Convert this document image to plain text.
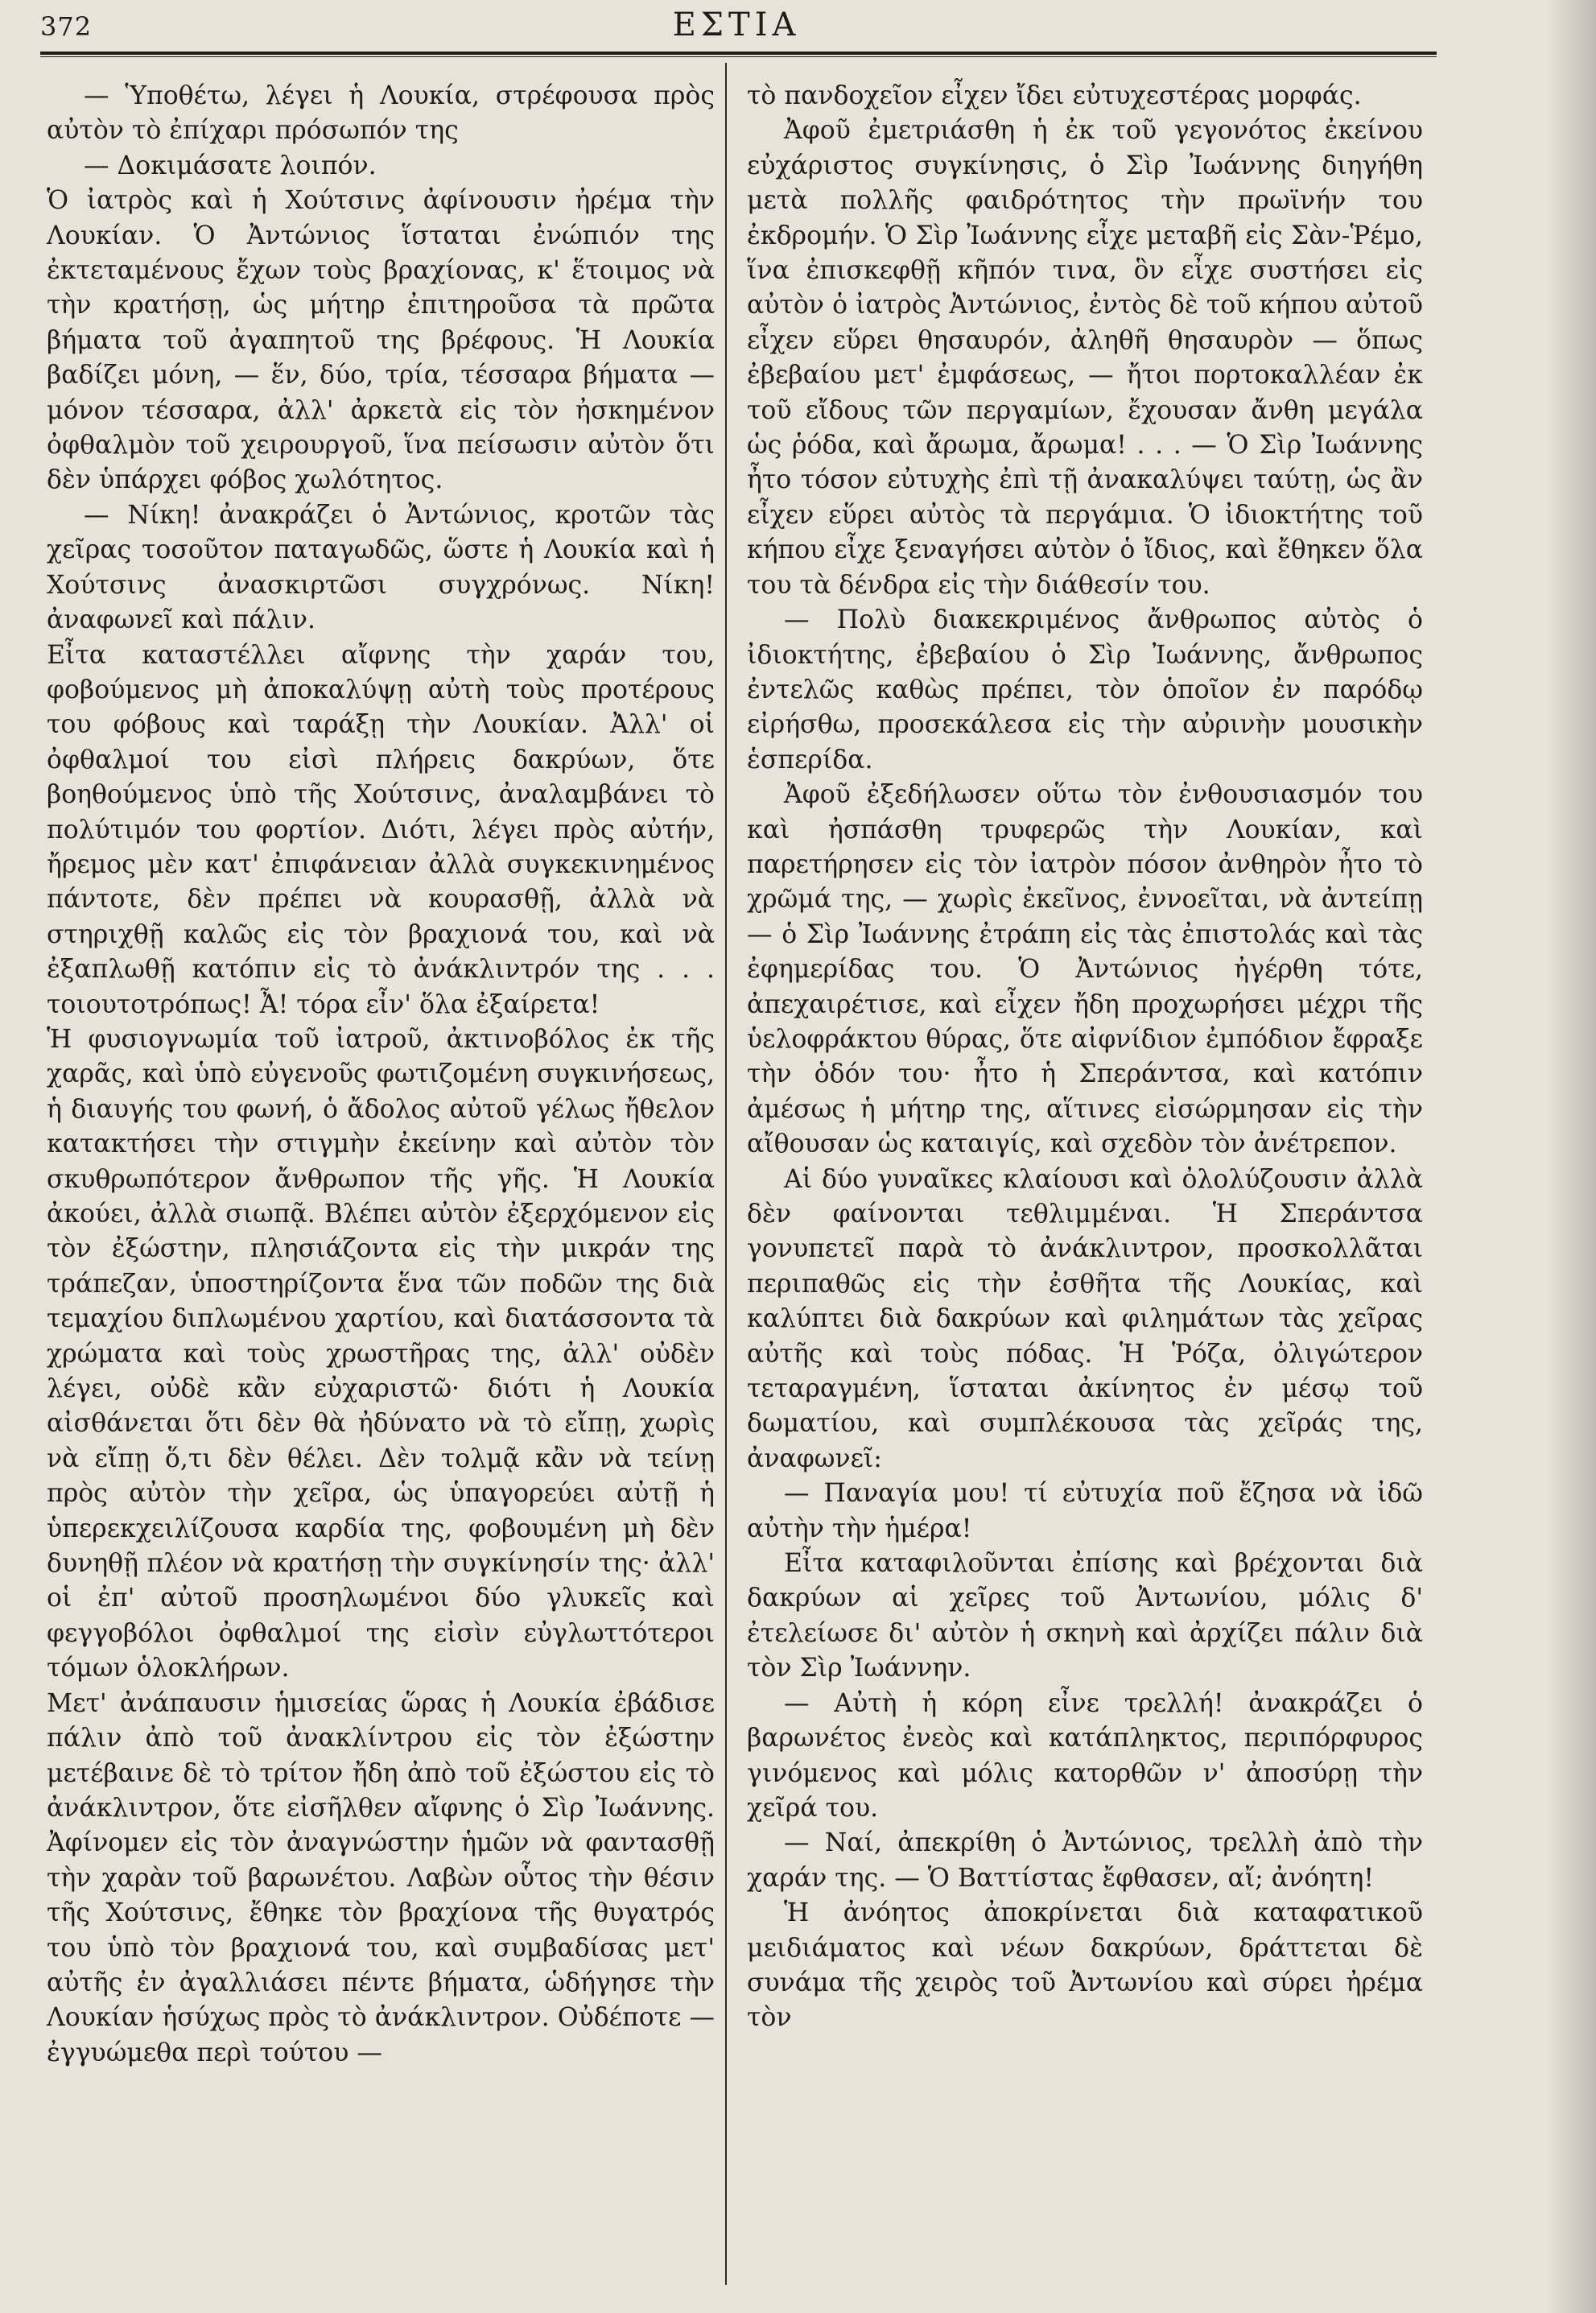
372	ΕΣΤΙΑ

— Ὑποθέτω, λέγει ἡ Λουκία, στρέφουσα πρὸς αὐτὸν τὸ ἐπίχαρι πρόσωπόν της

— Δοκιμάσατε λοιπόν.

Ὁ ἰατρὸς καὶ ἡ Χούτσινς ἀφίνουσιν ἠρέμα τὴν Λουκίαν. Ὁ Ἀντώνιος ἵσταται ἐνώπιόν της ἐκτεταμένους ἔχων τοὺς βραχίονας, κ' ἕτοιμος νὰ τὴν κρατήσῃ, ὡς μήτηρ ἐπιτηροῦσα τὰ πρῶτα βήματα τοῦ ἀγαπητοῦ της βρέφους. Ἡ Λουκία βαδίζει μόνη, — ἕν, δύο, τρία, τέσσαρα βήματα — μόνον τέσσαρα, ἀλλ' ἀρκετὰ εἰς τὸν ἠσκημένον ὀφθαλμὸν τοῦ χειρουργοῦ, ἵνα πείσωσιν αὐτὸν ὅτι δὲν ὑπάρχει φόβος χωλότητος.

— Νίκη! ἀνακράζει ὁ Ἀντώνιος, κροτῶν τὰς χεῖρας τοσοῦτον παταγωδῶς, ὥστε ἡ Λουκία καὶ ἡ Χούτσινς ἀνασκιρτῶσι συγχρόνως. Νίκη! ἀναφωνεῖ καὶ πάλιν.

Εἶτα καταστέλλει αἴφνης τὴν χαράν του, φοβούμενος μὴ ἀποκαλύψῃ αὐτὴ τοὺς προτέρους του φόβους καὶ ταράξῃ τὴν Λουκίαν. Ἀλλ' οἱ ὀφθαλμοί του εἰσὶ πλήρεις δακρύων, ὅτε βοηθούμενος ὑπὸ τῆς Χούτσινς, ἀναλαμβάνει τὸ πολύτιμόν του φορτίον. Διότι, λέγει πρὸς αὐτήν, ἤρεμος μὲν κατ' ἐπιφάνειαν ἀλλὰ συγκεκινημένος πάντοτε, δὲν πρέπει νὰ κουρασθῇ, ἀλλὰ νὰ στηριχθῇ καλῶς εἰς τὸν βραχιονά του, καὶ νὰ ἐξαπλωθῇ κατόπιν εἰς τὸ ἀνάκλιντρόν της . . . τοιουτοτρόπως! Ἆ! τόρα εἶν' ὅλα ἐξαίρετα!

Ἡ φυσιογνωμία τοῦ ἰατροῦ, ἀκτινοβόλος ἐκ τῆς χαρᾶς, καὶ ὑπὸ εὐγενοῦς φωτιζομένη συγκινήσεως, ἡ διαυγής του φωνή, ὁ ἄδολος αὐτοῦ γέλως ἤθελον κατακτήσει τὴν στιγμὴν ἐκείνην καὶ αὐτὸν τὸν σκυθρωπότερον ἄνθρωπον τῆς γῆς. Ἡ Λουκία ἀκούει, ἀλλὰ σιωπᾷ. Βλέπει αὐτὸν ἐξερχόμενον εἰς τὸν ἐξώστην, πλησιάζοντα εἰς τὴν μικράν της τράπεζαν, ὑποστηρίζοντα ἕνα τῶν ποδῶν της διὰ τεμαχίου διπλωμένου χαρτίου, καὶ διατάσσοντα τὰ χρώματα καὶ τοὺς χρωστῆρας της, ἀλλ' οὐδὲν λέγει, οὐδὲ κἂν εὐχαριστῶ· διότι ἡ Λουκία αἰσθάνεται ὅτι δὲν θὰ ἠδύνατο νὰ τὸ εἴπῃ, χωρὶς νὰ εἴπῃ ὅ,τι δὲν θέλει. Δὲν τολμᾷ κἂν νὰ τείνῃ πρὸς αὐτὸν τὴν χεῖρα, ὡς ὑπαγορεύει αὐτῇ ἡ ὑπερεκχειλίζουσα καρδία της, φοβουμένη μὴ δὲν δυνηθῇ πλέον νὰ κρατήσῃ τὴν συγκίνησίν της· ἀλλ' οἱ ἐπ' αὐτοῦ προσηλωμένοι δύο γλυκεῖς καὶ φεγγοβόλοι ὀφθαλμοί της εἰσὶν εὐγλωττότεροι τόμων ὁλοκλήρων.

Μετ' ἀνάπαυσιν ἡμισείας ὥρας ἡ Λουκία ἐβάδισε πάλιν ἀπὸ τοῦ ἀνακλίντρου εἰς τὸν ἐξώστην μετέβαινε δὲ τὸ τρίτον ἤδη ἀπὸ τοῦ ἐξώστου εἰς τὸ ἀνάκλιντρον, ὅτε εἰσῆλθεν αἴφνης ὁ Σὶρ Ἰωάννης. Ἀφίνομεν εἰς τὸν ἀναγνώστην ἡμῶν νὰ φαντασθῇ τὴν χαρὰν τοῦ βαρωνέτου. Λαβὼν οὗτος τὴν θέσιν τῆς Χούτσινς, ἔθηκε τὸν βραχίονα τῆς θυγατρός του ὑπὸ τὸν βραχιονά του, καὶ συμβαδίσας μετ' αὐτῆς ἐν ἀγαλλιάσει πέντε βήματα, ὡδήγησε τὴν Λουκίαν ἡσύχως πρὸς τὸ ἀνάκλιντρον. Οὐδέποτε — ἐγγυώμεθα περὶ τούτου —

τὸ πανδοχεῖον εἶχεν ἴδει εὐτυχεστέρας μορφάς.

Ἀφοῦ ἐμετριάσθη ἡ ἐκ τοῦ γεγονότος ἐκείνου εὐχάριστος συγκίνησις, ὁ Σὶρ Ἰωάννης διηγήθη μετὰ πολλῆς φαιδρότητος τὴν πρωϊνήν του ἐκδρομήν. Ὁ Σὶρ Ἰωάννης εἶχε μεταβῆ εἰς Σὰν-Ῥέμο, ἵνα ἐπισκεφθῇ κῆπόν τινα, ὃν εἶχε συστήσει εἰς αὐτὸν ὁ ἰατρὸς Ἀντώνιος, ἐντὸς δὲ τοῦ κήπου αὐτοῦ εἶχεν εὕρει θησαυρόν, ἀληθῆ θησαυρὸν — ὅπως ἐβεβαίου μετ' ἐμφάσεως, — ἤτοι πορτοκαλλέαν ἐκ τοῦ εἴδους τῶν περγαμίων, ἔχουσαν ἄνθη μεγάλα ὡς ῥόδα, καὶ ἄρωμα, ἄρωμα! . . . — Ὁ Σὶρ Ἰωάννης ἦτο τόσον εὐτυχὴς ἐπὶ τῇ ἀνακαλύψει ταύτῃ, ὡς ἂν εἶχεν εὕρει αὐτὸς τὰ περγάμια. Ὁ ἰδιοκτήτης τοῦ κήπου εἶχε ξεναγήσει αὐτὸν ὁ ἴδιος, καὶ ἔθηκεν ὅλα του τὰ δένδρα εἰς τὴν διάθεσίν του.

— Πολὺ διακεκριμένος ἄνθρωπος αὐτὸς ὁ ἰδιοκτήτης, ἐβεβαίου ὁ Σὶρ Ἰωάννης, ἄνθρωπος ἐντελῶς καθὼς πρέπει, τὸν ὁποῖον ἐν παρόδῳ εἰρήσθω, προσεκάλεσα εἰς τὴν αὐρινὴν μουσικὴν ἑσπερίδα.

Ἀφοῦ ἐξεδήλωσεν οὕτω τὸν ἐνθουσιασμόν του καὶ ἠσπάσθη τρυφερῶς τὴν Λουκίαν, καὶ παρετήρησεν εἰς τὸν ἰατρὸν πόσον ἀνθηρὸν ἦτο τὸ χρῶμά της, — χωρὶς ἐκεῖνος, ἐννοεῖται, νὰ ἀντείπῃ — ὁ Σὶρ Ἰωάννης ἐτράπη εἰς τὰς ἐπιστολάς καὶ τὰς ἐφημερίδας του. Ὁ Ἀντώνιος ἠγέρθη τότε, ἀπεχαιρέτισε, καὶ εἶχεν ἤδη προχωρήσει μέχρι τῆς ὑελοφράκτου θύρας, ὅτε αἰφνίδιον ἐμπόδιον ἔφραξε τὴν ὁδόν του· ἦτο ἡ Σπεράντσα, καὶ κατόπιν ἀμέσως ἡ μήτηρ της, αἵτινες εἰσώρμησαν εἰς τὴν αἴθουσαν ὡς καταιγίς, καὶ σχεδὸν τὸν ἀνέτρεπον.

Αἱ δύο γυναῖκες κλαίουσι καὶ ὀλολύζουσιν ἀλλὰ δὲν φαίνονται τεθλιμμέναι. Ἡ Σπεράντσα γονυπετεῖ παρὰ τὸ ἀνάκλιντρον, προσκολλᾶται περιπαθῶς εἰς τὴν ἐσθῆτα τῆς Λουκίας, καὶ καλύπτει διὰ δακρύων καὶ φιλημάτων τὰς χεῖρας αὐτῆς καὶ τοὺς πόδας. Ἡ Ῥόζα, ὀλιγώτερον τεταραγμένη, ἵσταται ἀκίνητος ἐν μέσῳ τοῦ δωματίου, καὶ συμπλέκουσα τὰς χεῖράς της, ἀναφωνεῖ:

— Παναγία μου! τί εὐτυχία ποῦ ἔζησα νὰ ἰδῶ αὐτὴν τὴν ἡμέρα!

Εἶτα καταφιλοῦνται ἐπίσης καὶ βρέχονται διὰ δακρύων αἱ χεῖρες τοῦ Ἀντωνίου, μόλις δ' ἐτελείωσε δι' αὐτὸν ἡ σκηνὴ καὶ ἀρχίζει πάλιν διὰ τὸν Σὶρ Ἰωάννην.

— Αὐτὴ ἡ κόρη εἶνε τρελλή! ἀνακράζει ὁ βαρωνέτος ἐνεὸς καὶ κατάπληκτος, περιπόρφυρος γινόμενος καὶ μόλις κατορθῶν ν' ἀποσύρῃ τὴν χεῖρά του.

— Ναί, ἀπεκρίθη ὁ Ἀντώνιος, τρελλὴ ἀπὸ τὴν χαράν της. — Ὁ Βαττίστας ἔφθασεν, αἴ; ἀνόητη!

Ἡ ἀνόητος ἀποκρίνεται διὰ καταφατικοῦ μειδιάματος καὶ νέων δακρύων, δράττεται δὲ συνάμα τῆς χειρὸς τοῦ Ἀντωνίου καὶ σύρει ἠρέμα τὸν
